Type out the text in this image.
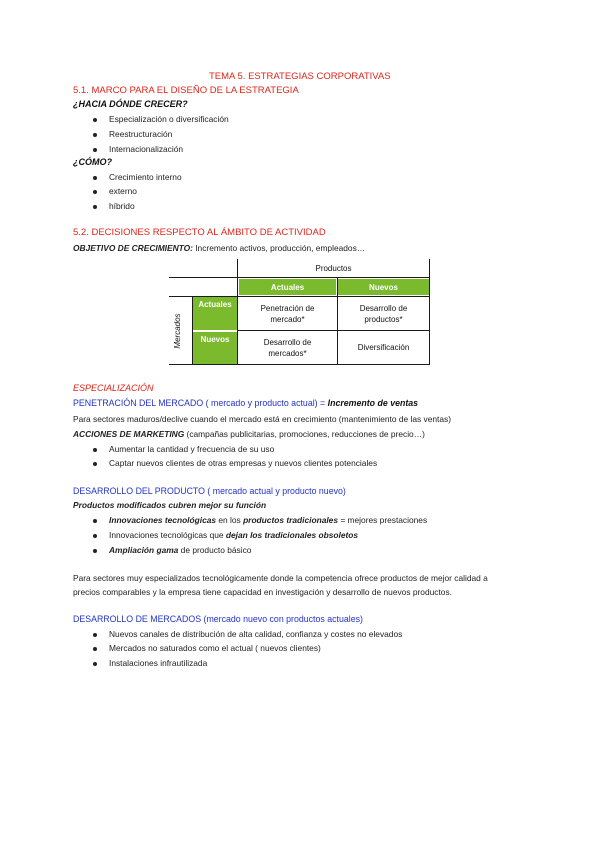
TEMA 5. ESTRATEGIAS CORPORATIVAS
5.1. MARCO PARA EL DISEÑO DE LA ESTRATEGIA
¿HACIA DÓNDE CRECER?
Especialización o diversificación
Reestructuración
Internacionalización
¿CÓMO?
Crecimiento interno
externo
híbrido
5.2. DECISIONES RESPECTO AL ÁMBITO DE ACTIVIDAD
OBJETIVO DE CRECIMIENTO: Incremento activos, producción, empleados…
Actuales	Nuevos
Actuales
Nuevos
Productos
Mercados
Penetración de
mercado*
Desarrollo de
productos*
Desarrollo de
mercados*
Diversificación
ESPECIALIZACIÓN
PENETRACIÓN DEL MERCADO ( mercado y producto actual) = Incremento de ventas
Para sectores maduros/declive cuando el mercado está en crecimiento (mantenimiento de las ventas)
ACCIONES DE MARKETING (campañas publicitarias, promociones, reducciones de precio…)
Aumentar la cantidad y frecuencia de su uso
Captar nuevos clientes de otras empresas y nuevos clientes potenciales
DESARROLLO DEL PRODUCTO ( mercado actual y producto nuevo)
Productos modificados cubren mejor su función
Innovaciones tecnológicas en los productos tradicionales = mejores prestaciones
Innovaciones tecnológicas que dejan los tradicionales obsoletos
Ampliación gama de producto básico
Para sectores muy especializados tecnológicamente donde la competencia ofrece productos de mejor calidad a
precios comparables y la empresa tiene capacidad en investigación y desarrollo de nuevos productos.
DESARROLLO DE MERCADOS (mercado nuevo con productos actuales)
Nuevos canales de distribución de alta calidad, confianza y costes no elevados
Mercados no saturados como el actual ( nuevos clientes)
Instalaciones infrautilizada
